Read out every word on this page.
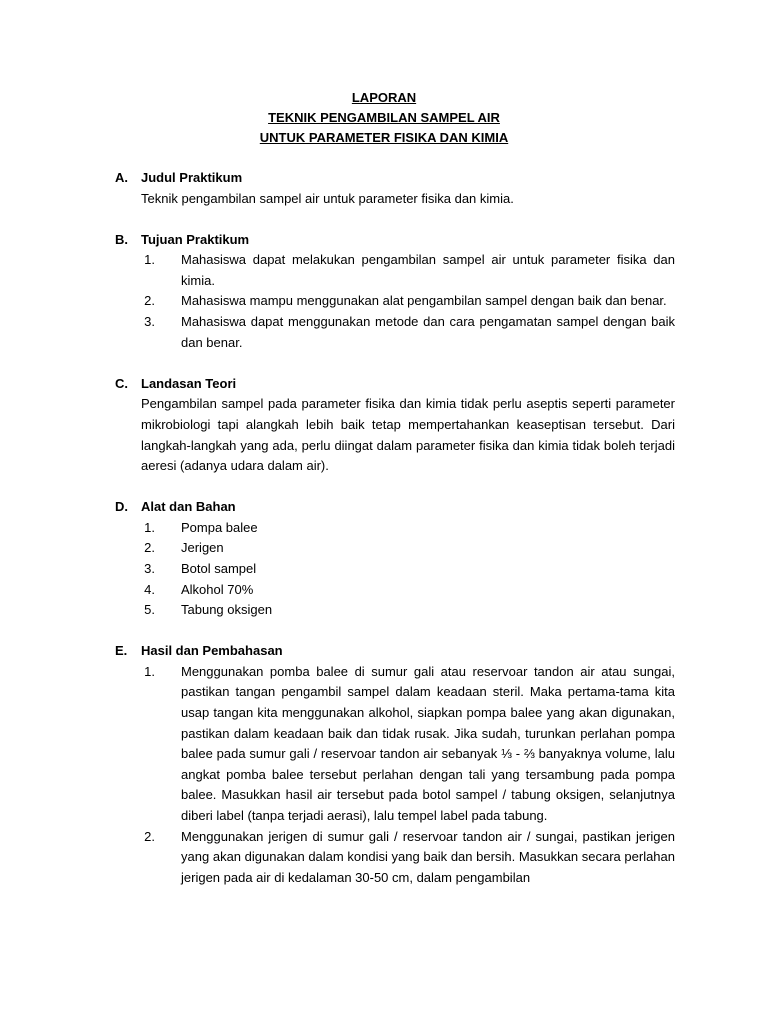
LAPORAN
TEKNIK PENGAMBILAN SAMPEL AIR
UNTUK PARAMETER FISIKA DAN KIMIA
A.	Judul Praktikum
Teknik pengambilan sampel air untuk parameter fisika dan kimia.
B.	Tujuan Praktikum
1.	Mahasiswa dapat melakukan pengambilan sampel air untuk parameter fisika dan kimia.
2.	Mahasiswa mampu menggunakan alat pengambilan sampel dengan baik dan benar.
3.	Mahasiswa dapat menggunakan metode dan cara pengamatan sampel dengan baik dan benar.
C.	Landasan Teori
Pengambilan sampel pada parameter fisika dan kimia tidak perlu aseptis seperti parameter mikrobiologi tapi alangkah lebih baik tetap mempertahankan keaseptisan tersebut. Dari langkah-langkah yang ada, perlu diingat dalam parameter fisika dan kimia tidak boleh terjadi aeresi (adanya udara dalam air).
D.	Alat dan Bahan
1.	Pompa balee
2.	Jerigen
3.	Botol sampel
4.	Alkohol 70%
5.	Tabung oksigen
E.	Hasil dan Pembahasan
1.	Menggunakan pomba balee di sumur gali atau reservoar tandon air atau sungai, pastikan tangan pengambil sampel dalam keadaan steril. Maka pertama-tama kita usap tangan kita menggunakan alkohol, siapkan pompa balee yang akan digunakan, pastikan dalam keadaan baik dan tidak rusak. Jika sudah, turunkan perlahan pompa balee pada sumur gali / reservoar tandon air sebanyak ⅓ - ⅔ banyaknya volume, lalu angkat pomba balee tersebut perlahan dengan tali yang tersambung pada pompa balee. Masukkan hasil air tersebut pada botol sampel / tabung oksigen, selanjutnya diberi label (tanpa terjadi aerasi), lalu tempel label pada tabung.
2.	Menggunakan jerigen di sumur gali / reservoar tandon air / sungai, pastikan jerigen yang akan digunakan dalam kondisi yang baik dan bersih. Masukkan secara perlahan jerigen pada air di kedalaman 30-50 cm, dalam pengambilan
